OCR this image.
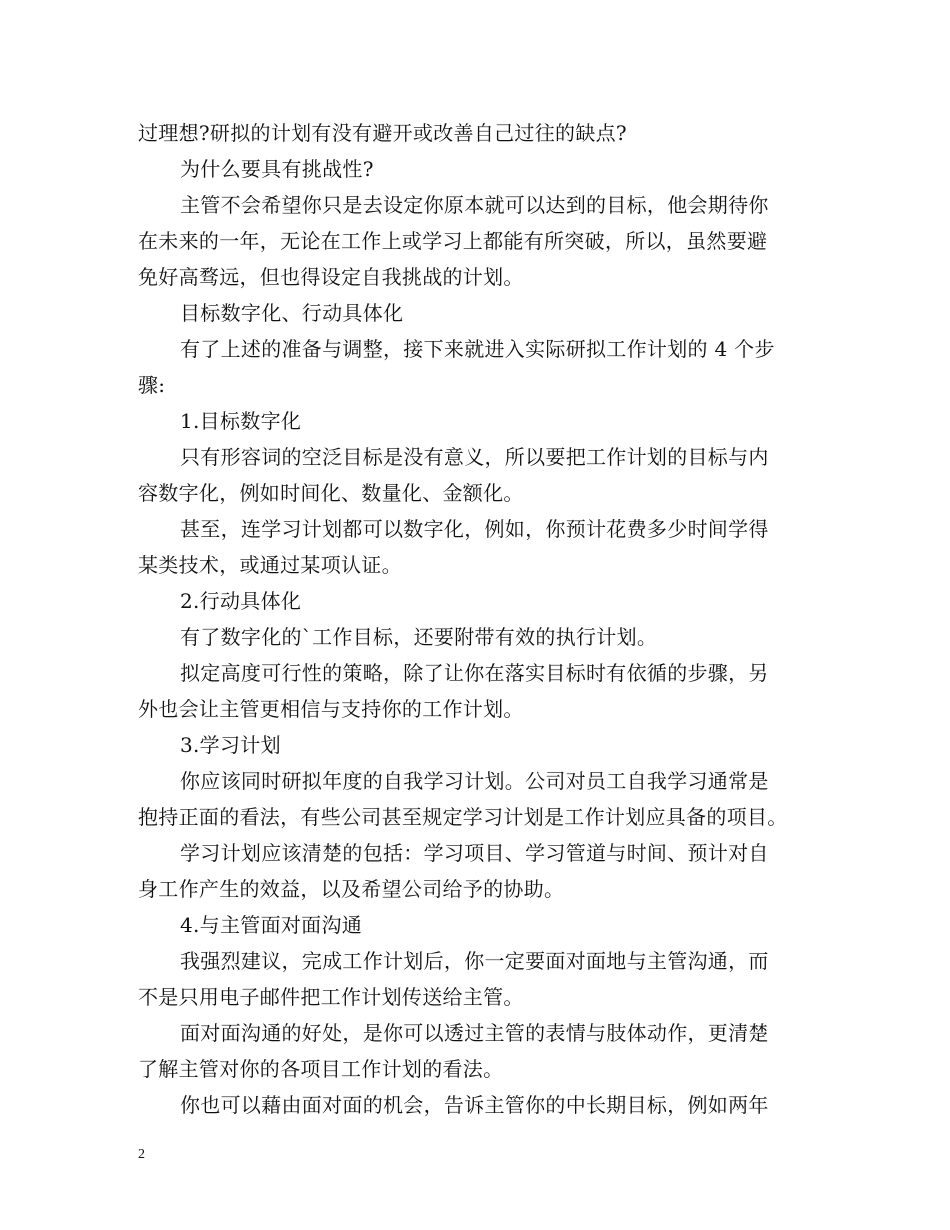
过理想?研拟的计划有没有避开或改善自己过往的缺点?
为什么要具有挑战性?
主管不会希望你只是去设定你原本就可以达到的目标，他会期待你
在未来的一年，无论在工作上或学习上都能有所突破，所以，虽然要避
免好高骛远，但也得设定自我挑战的计划。
目标数字化、行动具体化
有了上述的准备与调整，接下来就进入实际研拟工作计划的 4 个步
骤:
1.目标数字化
只有形容词的空泛目标是没有意义，所以要把工作计划的目标与内
容数字化，例如时间化、数量化、金额化。
甚至，连学习计划都可以数字化，例如，你预计花费多少时间学得
某类技术，或通过某项认证。
2.行动具体化
有了数字化的`工作目标，还要附带有效的执行计划。
拟定高度可行性的策略，除了让你在落实目标时有依循的步骤，另
外也会让主管更相信与支持你的工作计划。
3.学习计划
你应该同时研拟年度的自我学习计划。公司对员工自我学习通常是
抱持正面的看法，有些公司甚至规定学习计划是工作计划应具备的项目。
学习计划应该清楚的包括：学习项目、学习管道与时间、预计对自
身工作产生的效益，以及希望公司给予的协助。
4.与主管面对面沟通
我强烈建议，完成工作计划后，你一定要面对面地与主管沟通，而
不是只用电子邮件把工作计划传送给主管。
面对面沟通的好处，是你可以透过主管的表情与肢体动作，更清楚
了解主管对你的各项目工作计划的看法。
你也可以藉由面对面的机会，告诉主管你的中长期目标，例如两年
2
